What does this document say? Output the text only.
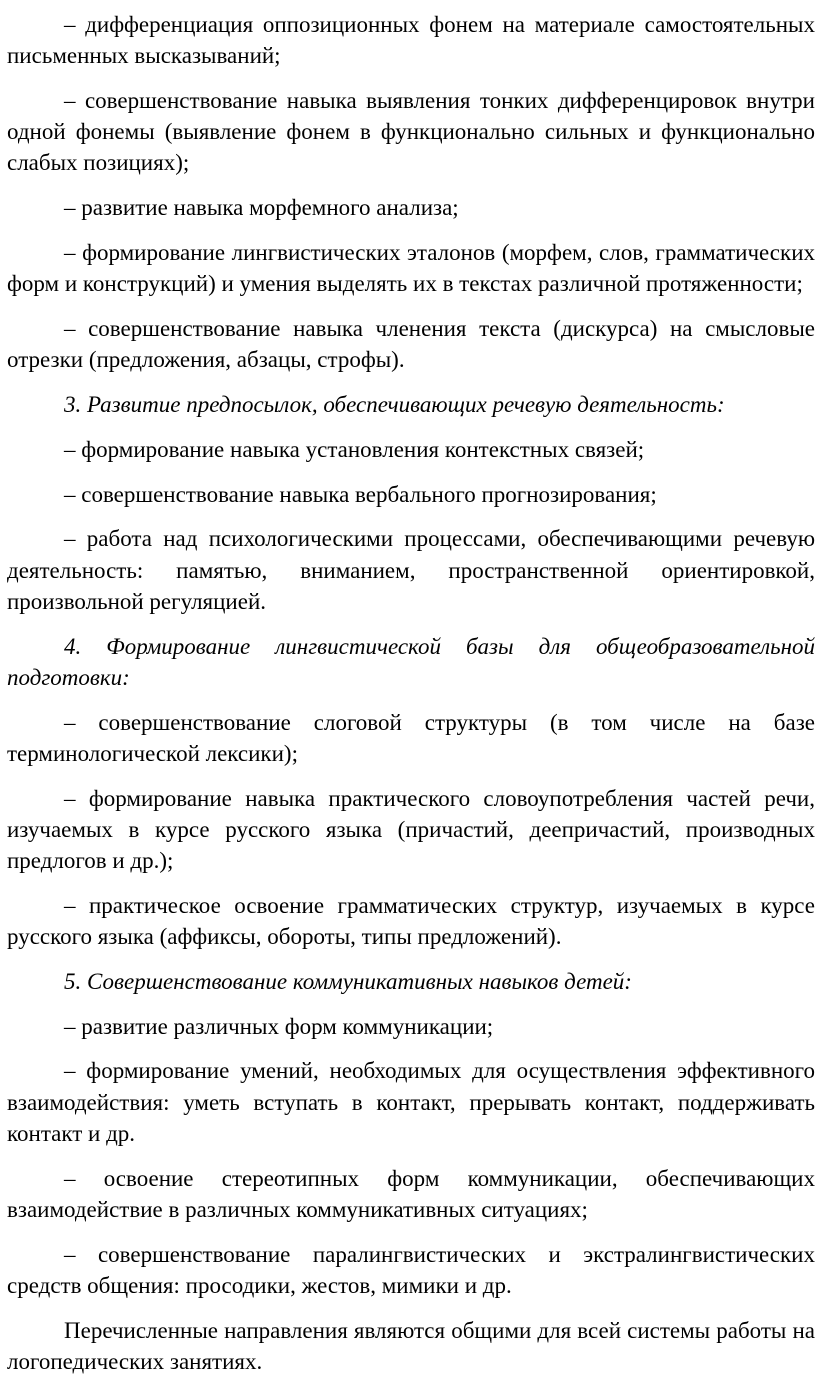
– дифференциация оппозиционных фонем на материале самостоятельных письменных высказываний;

– совершенствование навыка выявления тонких дифференцировок внутри одной фонемы (выявление фонем в функционально сильных и функционально слабых позициях);

– развитие навыка морфемного анализа;

– формирование лингвистических эталонов (морфем, слов, грамматических форм и конструкций) и умения выделять их в текстах различной протяженности;

– совершенствование навыка членения текста (дискурса) на смысловые отрезки (предложения, абзацы, строфы).

3. Развитие предпосылок, обеспечивающих речевую деятельность:

– формирование навыка установления контекстных связей;

– совершенствование навыка вербального прогнозирования;

– работа над психологическими процессами, обеспечивающими речевую деятельность: памятью, вниманием, пространственной ориентировкой, произвольной регуляцией.

4. Формирование лингвистической базы для общеобразовательной подготовки:

– совершенствование слоговой структуры (в том числе на базе терминологической лексики);

– формирование навыка практического словоупотребления частей речи, изучаемых в курсе русского языка (причастий, деепричастий, производных предлогов и др.);

– практическое освоение грамматических структур, изучаемых в курсе русского языка (аффиксы, обороты, типы предложений).

5. Совершенствование коммуникативных навыков детей:

– развитие различных форм коммуникации;

– формирование умений, необходимых для осуществления эффективного взаимодействия: уметь вступать в контакт, прерывать контакт, поддерживать контакт и др.

– освоение стереотипных форм коммуникации, обеспечивающих взаимодействие в различных коммуникативных ситуациях;

– совершенствование паралингвистических и экстралингвистических средств общения: просодики, жестов, мимики и др.

Перечисленные направления являются общими для всей системы работы на логопедических занятиях.
